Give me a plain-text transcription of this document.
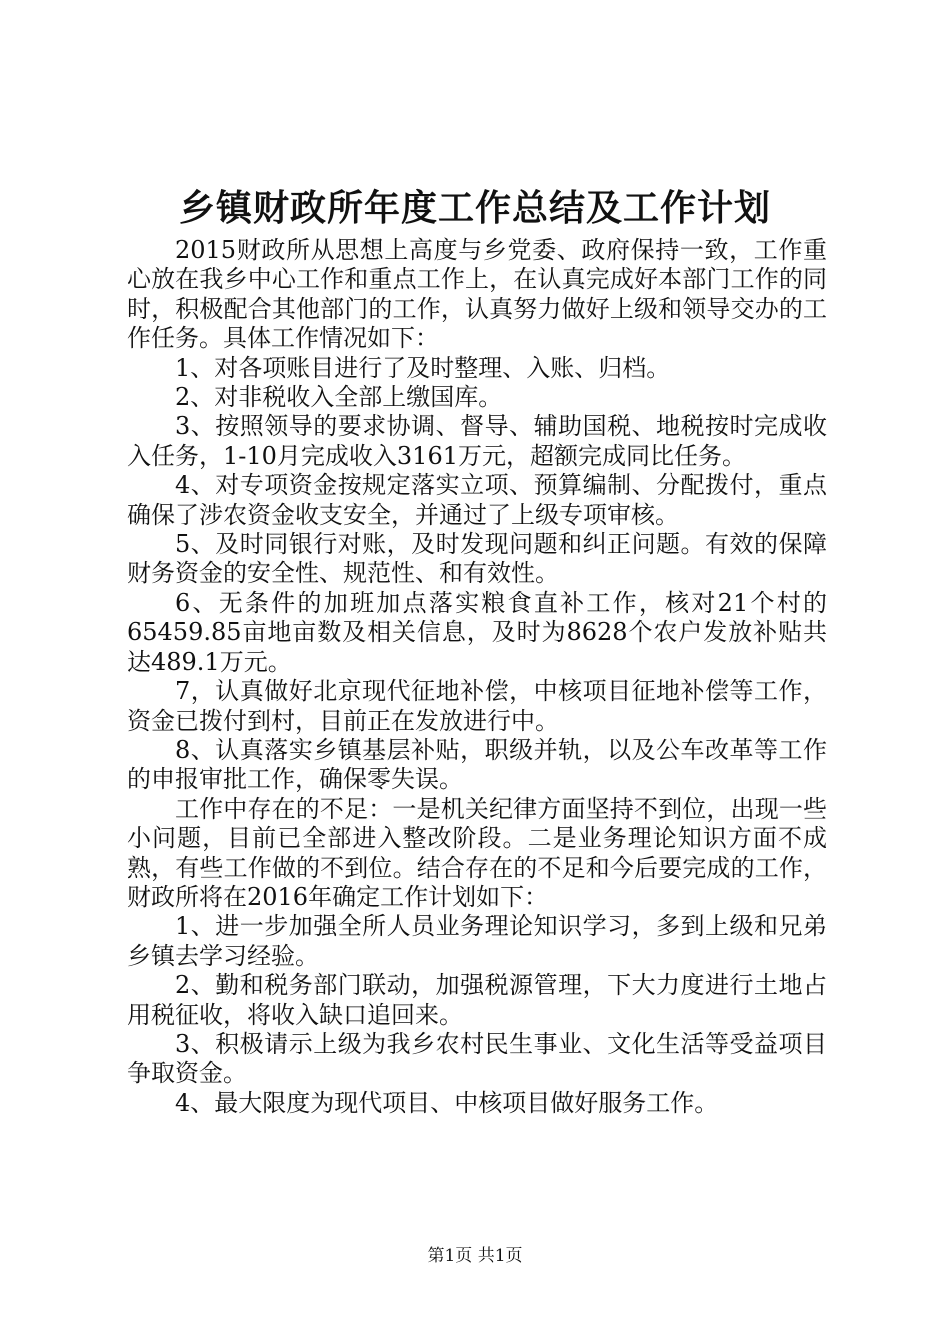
乡镇财政所年度工作总结及工作计划

2015财政所从思想上高度与乡党委、政府保持一致，工作重心放在我乡中心工作和重点工作上，在认真完成好本部门工作的同时，积极配合其他部门的工作，认真努力做好上级和领导交办的工作任务。具体工作情况如下：

1、对各项账目进行了及时整理、入账、归档。

2、对非税收入全部上缴国库。

3、按照领导的要求协调、督导、辅助国税、地税按时完成收入任务，1-10月完成收入3161万元，超额完成同比任务。

4、对专项资金按规定落实立项、预算编制、分配拨付，重点确保了涉农资金收支安全，并通过了上级专项审核。

5、及时同银行对账，及时发现问题和纠正问题。有效的保障财务资金的安全性、规范性、和有效性。

6、无条件的加班加点落实粮食直补工作，核对21个村的65459.85亩地亩数及相关信息，及时为8628个农户发放补贴共达489.1万元。

7，认真做好北京现代征地补偿，中核项目征地补偿等工作，资金已拨付到村，目前正在发放进行中。

8、认真落实乡镇基层补贴，职级并轨，以及公车改革等工作的申报审批工作，确保零失误。

工作中存在的不足：一是机关纪律方面坚持不到位，出现一些小问题，目前已全部进入整改阶段。二是业务理论知识方面不成熟，有些工作做的不到位。结合存在的不足和今后要完成的工作，财政所将在2016年确定工作计划如下：

1、进一步加强全所人员业务理论知识学习，多到上级和兄弟乡镇去学习经验。

2、勤和税务部门联动，加强税源管理，下大力度进行土地占用税征收，将收入缺口追回来。

3、积极请示上级为我乡农村民生事业、文化生活等受益项目争取资金。

4、最大限度为现代项目、中核项目做好服务工作。

第1页 共1页
